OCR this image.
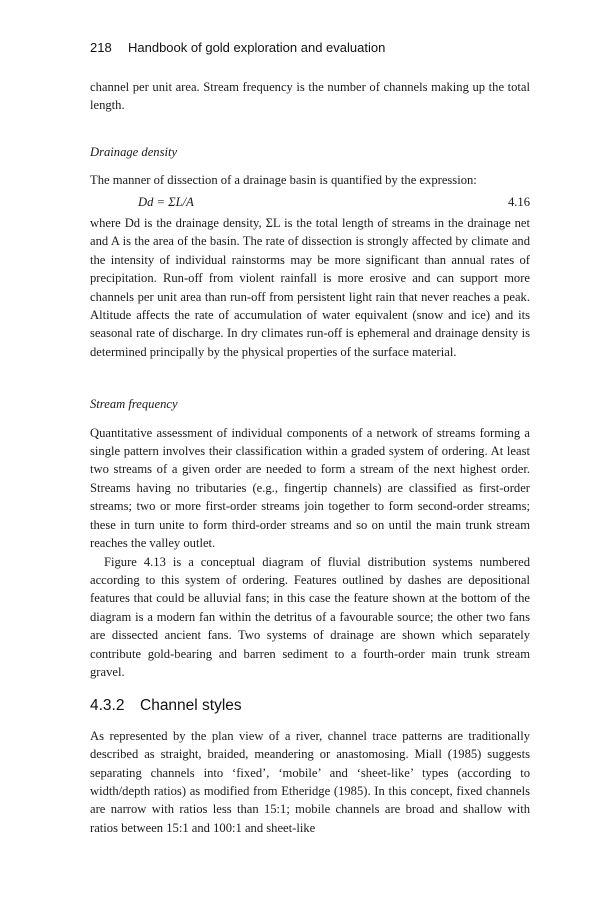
218 Handbook of gold exploration and evaluation

channel per unit area. Stream frequency is the number of channels making up the total length.

Drainage density

The manner of dissection of a drainage basin is quantified by the expression:

Dd = ΣL/A	4.16

where Dd is the drainage density, ΣL is the total length of streams in the drainage net and A is the area of the basin. The rate of dissection is strongly affected by climate and the intensity of individual rainstorms may be more significant than annual rates of precipitation. Run-off from violent rainfall is more erosive and can support more channels per unit area than run-off from persistent light rain that never reaches a peak. Altitude affects the rate of accumulation of water equivalent (snow and ice) and its seasonal rate of discharge. In dry climates run-off is ephemeral and drainage density is determined principally by the physical properties of the surface material.

Stream frequency

Quantitative assessment of individual components of a network of streams forming a single pattern involves their classification within a graded system of ordering. At least two streams of a given order are needed to form a stream of the next highest order. Streams having no tributaries (e.g., fingertip channels) are classified as first-order streams; two or more first-order streams join together to form second-order streams; these in turn unite to form third-order streams and so on until the main trunk stream reaches the valley outlet.

Figure 4.13 is a conceptual diagram of fluvial distribution systems numbered according to this system of ordering. Features outlined by dashes are depositional features that could be alluvial fans; in this case the feature shown at the bottom of the diagram is a modern fan within the detritus of a favourable source; the other two fans are dissected ancient fans. Two systems of drainage are shown which separately contribute gold-bearing and barren sediment to a fourth-order main trunk stream gravel.

4.3.2 Channel styles

As represented by the plan view of a river, channel trace patterns are traditionally described as straight, braided, meandering or anastomosing. Miall (1985) suggests separating channels into ‘fixed’, ‘mobile’ and ‘sheet-like’ types (according to width/depth ratios) as modified from Etheridge (1985). In this concept, fixed channels are narrow with ratios less than 15:1; mobile channels are broad and shallow with ratios between 15:1 and 100:1 and sheet-like
